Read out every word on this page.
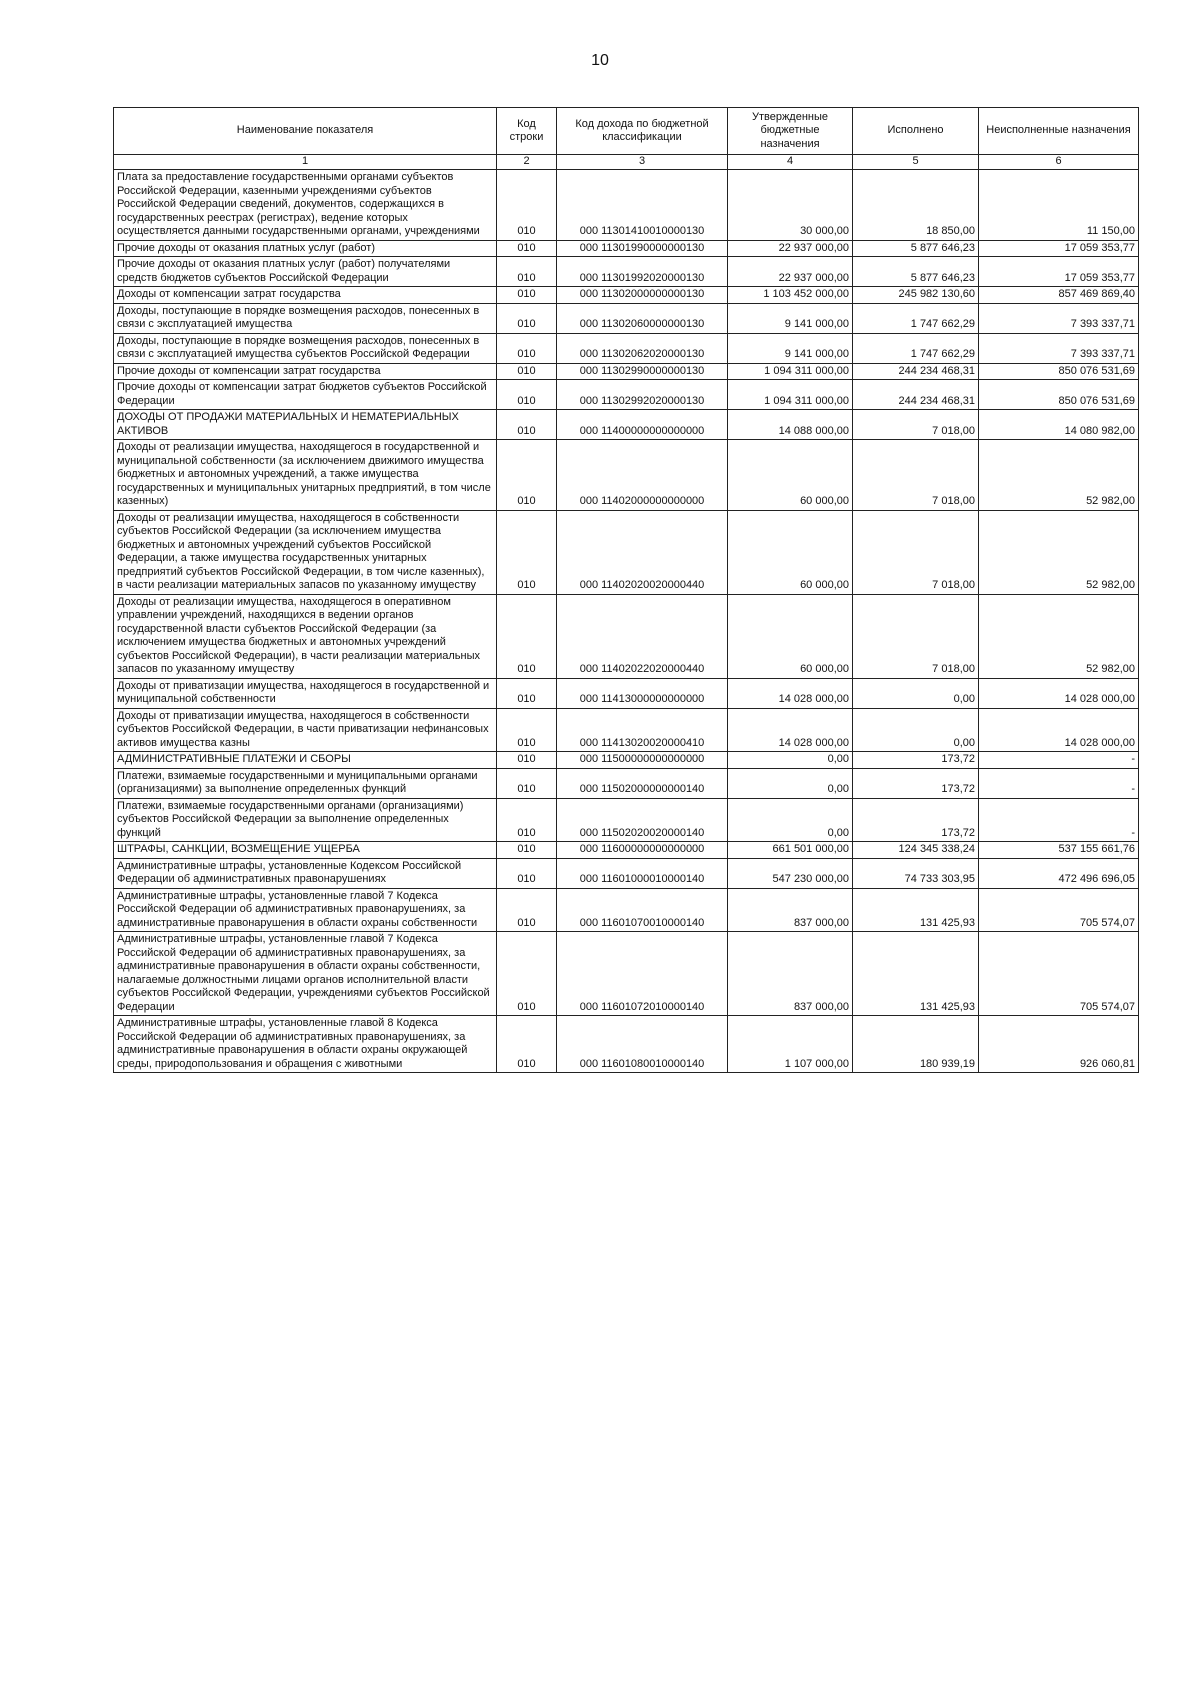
10
Наименование показателя	Код строки	Код дохода по бюджетной классификации	Утвержденные бюджетные назначения	Исполнено	Неисполненные назначения
1	2	3	4	5	6
Плата за предоставление государственными органами субъектов Российской Федерации, казенными учреждениями субъектов Российской Федерации сведений, документов, содержащихся в государственных реестрах (регистрах), ведение которых осуществляется данными государственными органами, учреждениями	010	000 11301410010000130	30 000,00	18 850,00	11 150,00
Прочие доходы от оказания платных услуг (работ)	010	000 11301990000000130	22 937 000,00	5 877 646,23	17 059 353,77
Прочие доходы от оказания платных услуг (работ) получателями средств бюджетов субъектов Российской Федерации	010	000 11301992020000130	22 937 000,00	5 877 646,23	17 059 353,77
Доходы от компенсации затрат государства	010	000 11302000000000130	1 103 452 000,00	245 982 130,60	857 469 869,40
Доходы, поступающие в порядке возмещения расходов, понесенных в связи с эксплуатацией имущества	010	000 11302060000000130	9 141 000,00	1 747 662,29	7 393 337,71
Доходы, поступающие в порядке возмещения расходов, понесенных в связи с эксплуатацией имущества субъектов Российской Федерации	010	000 11302062020000130	9 141 000,00	1 747 662,29	7 393 337,71
Прочие доходы от компенсации затрат государства	010	000 11302990000000130	1 094 311 000,00	244 234 468,31	850 076 531,69
Прочие доходы от компенсации затрат бюджетов субъектов Российской Федерации	010	000 11302992020000130	1 094 311 000,00	244 234 468,31	850 076 531,69
ДОХОДЫ ОТ ПРОДАЖИ МАТЕРИАЛЬНЫХ И НЕМАТЕРИАЛЬНЫХ АКТИВОВ	010	000 11400000000000000	14 088 000,00	7 018,00	14 080 982,00
Доходы от реализации имущества, находящегося в государственной и муниципальной собственности (за исключением движимого имущества бюджетных и автономных учреждений, а также имущества государственных и муниципальных унитарных предприятий, в том числе казенных)	010	000 11402000000000000	60 000,00	7 018,00	52 982,00
Доходы от реализации имущества, находящегося в собственности субъектов Российской Федерации (за исключением имущества бюджетных и автономных учреждений субъектов Российской Федерации, а также имущества государственных унитарных предприятий субъектов Российской Федерации, в том числе казенных), в части реализации материальных запасов по указанному имуществу	010	000 11402020020000440	60 000,00	7 018,00	52 982,00
Доходы от реализации имущества, находящегося в оперативном управлении учреждений, находящихся в ведении органов государственной власти субъектов Российской Федерации (за исключением имущества бюджетных и автономных учреждений субъектов Российской Федерации), в части реализации материальных запасов по указанному имуществу	010	000 11402022020000440	60 000,00	7 018,00	52 982,00
Доходы от приватизации имущества, находящегося в государственной и муниципальной собственности	010	000 11413000000000000	14 028 000,00	0,00	14 028 000,00
Доходы от приватизации имущества, находящегося в собственности субъектов Российской Федерации, в части приватизации нефинансовых активов имущества казны	010	000 11413020020000410	14 028 000,00	0,00	14 028 000,00
АДМИНИСТРАТИВНЫЕ ПЛАТЕЖИ И СБОРЫ	010	000 11500000000000000	0,00	173,72	-
Платежи, взимаемые государственными и муниципальными органами (организациями) за выполнение определенных функций	010	000 11502000000000140	0,00	173,72	-
Платежи, взимаемые государственными органами (организациями) субъектов Российской Федерации за выполнение определенных функций	010	000 11502020020000140	0,00	173,72	-
ШТРАФЫ, САНКЦИИ, ВОЗМЕЩЕНИЕ УЩЕРБА	010	000 11600000000000000	661 501 000,00	124 345 338,24	537 155 661,76
Административные штрафы, установленные Кодексом Российской Федерации об административных правонарушениях	010	000 11601000010000140	547 230 000,00	74 733 303,95	472 496 696,05
Административные штрафы, установленные главой 7 Кодекса Российской Федерации об административных правонарушениях, за административные правонарушения в области охраны собственности	010	000 11601070010000140	837 000,00	131 425,93	705 574,07
Административные штрафы, установленные главой 7 Кодекса Российской Федерации об административных правонарушениях, за административные правонарушения в области охраны собственности, налагаемые должностными лицами органов исполнительной власти субъектов Российской Федерации, учреждениями субъектов Российской Федерации	010	000 11601072010000140	837 000,00	131 425,93	705 574,07
Административные штрафы, установленные главой 8 Кодекса Российской Федерации об административных правонарушениях, за административные правонарушения в области охраны окружающей среды, природопользования и обращения с животными	010	000 11601080010000140	1 107 000,00	180 939,19	926 060,81
